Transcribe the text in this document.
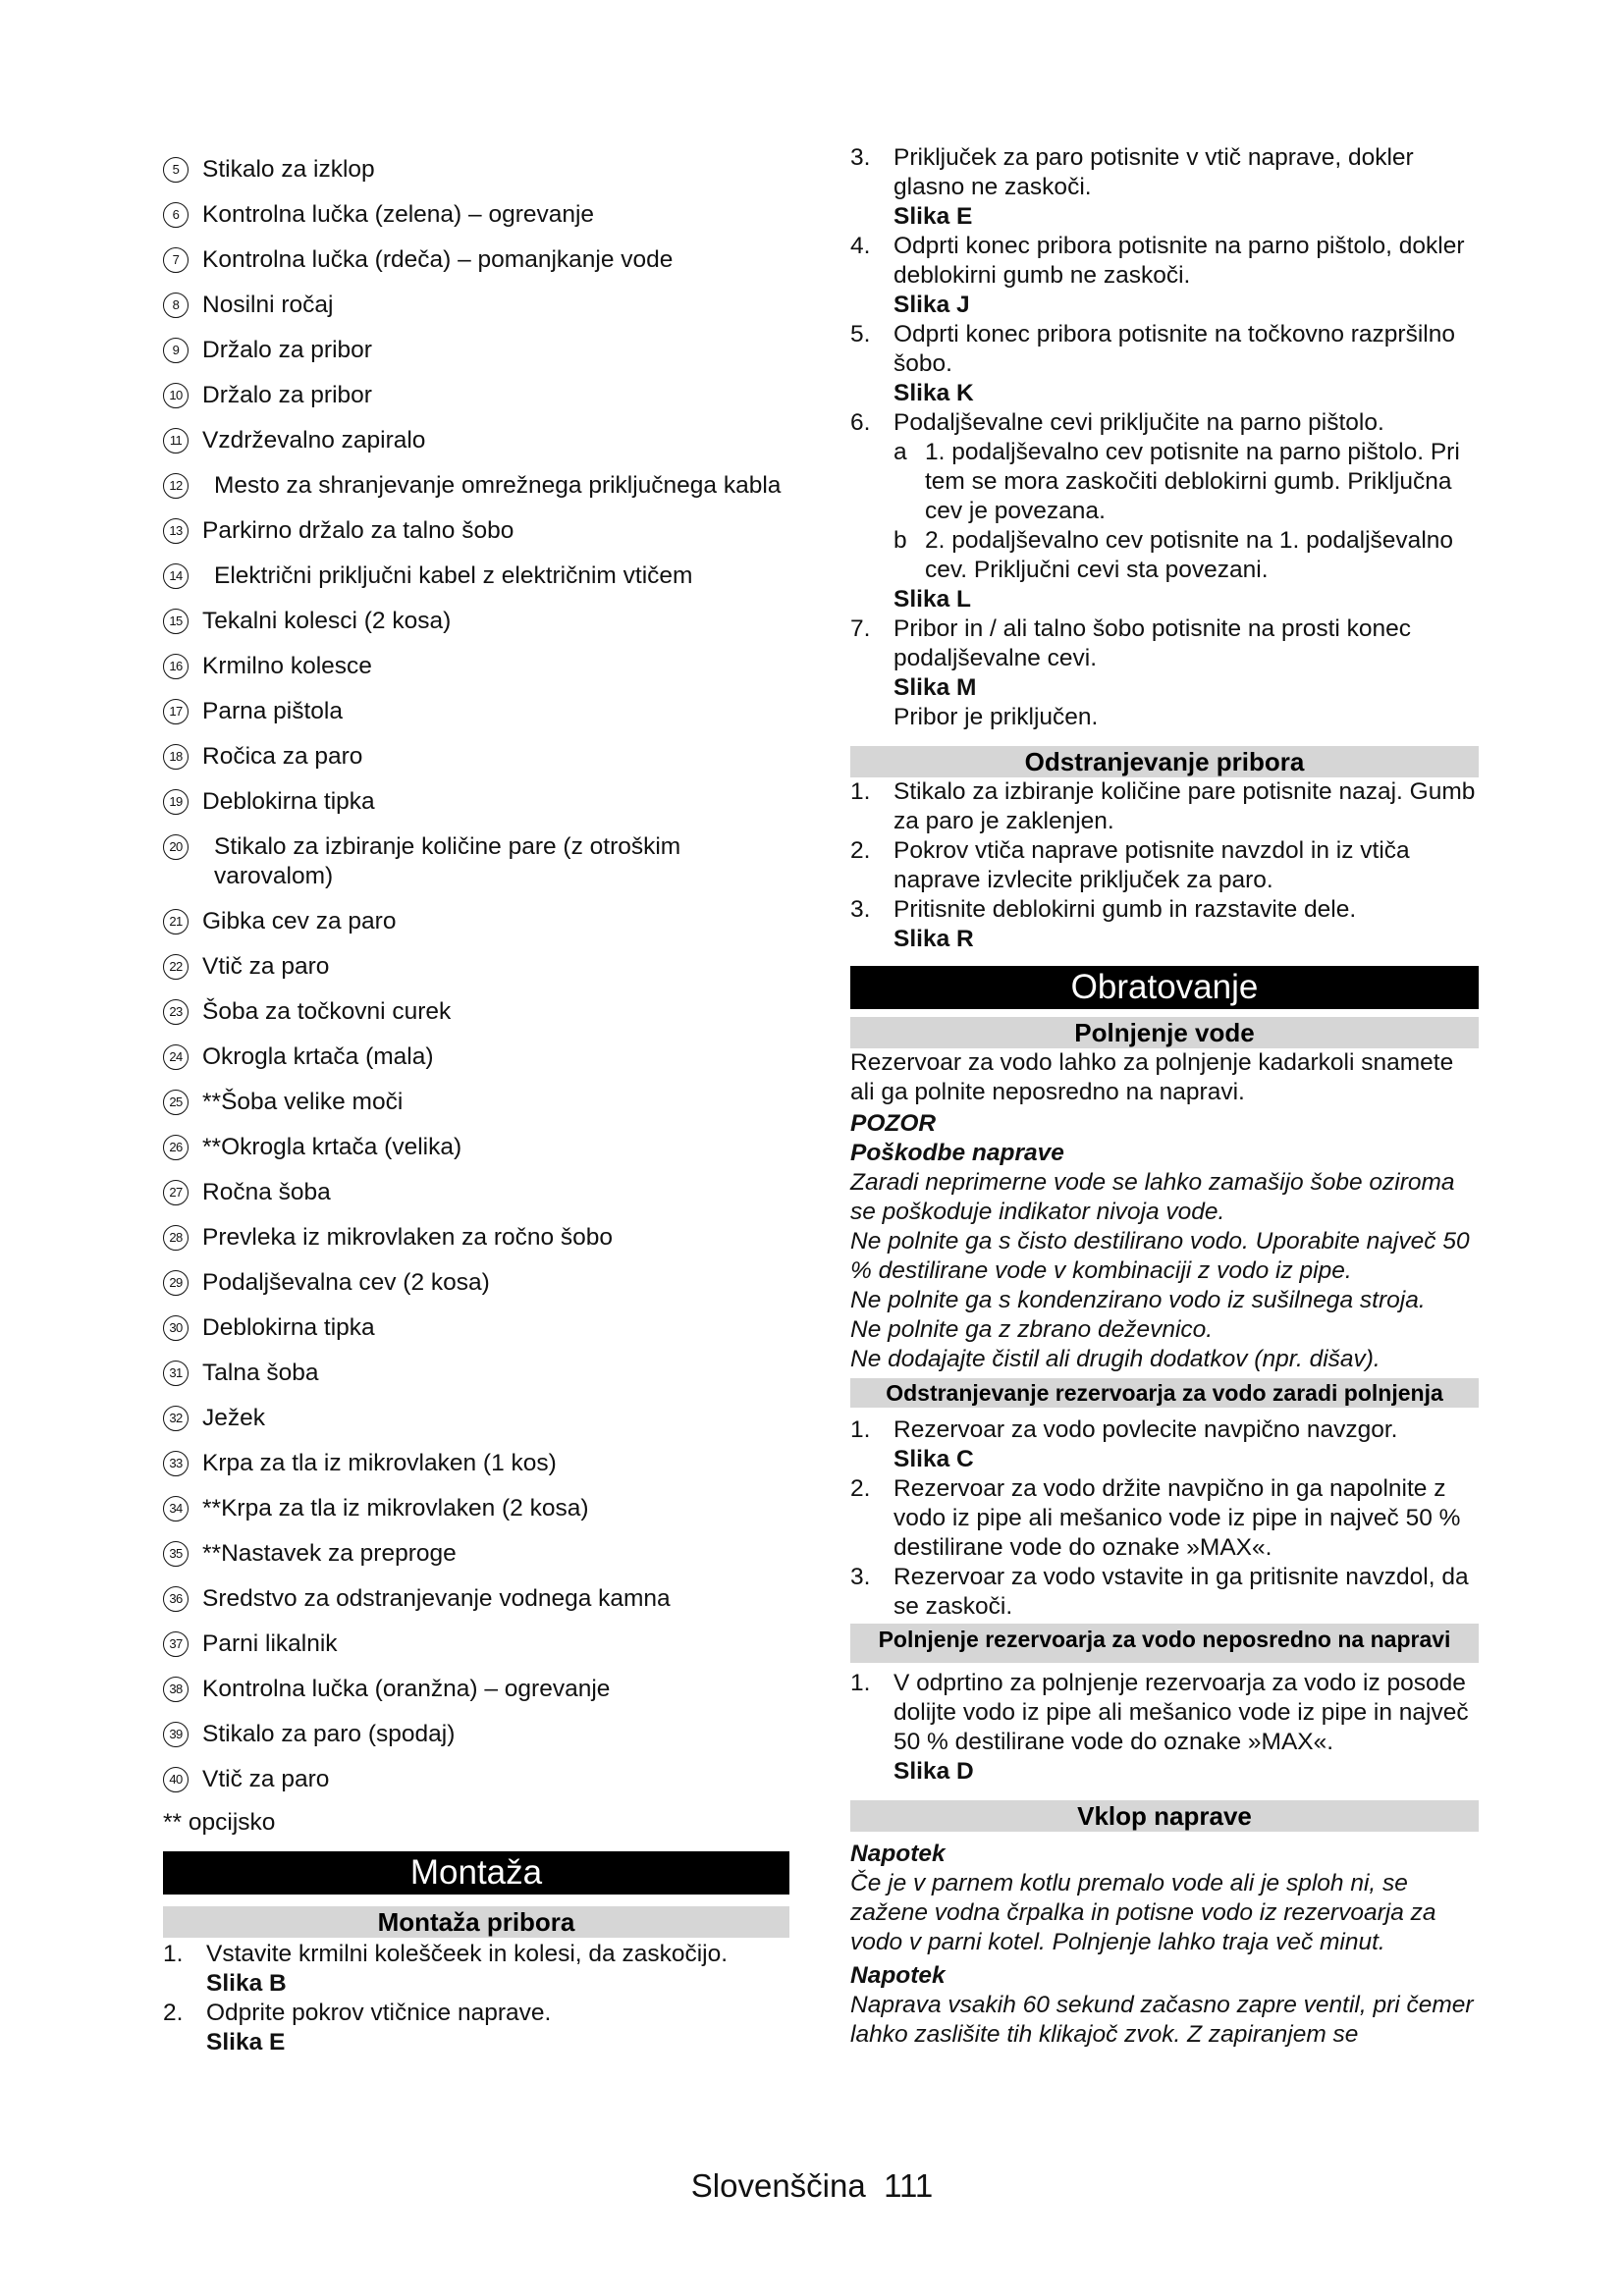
5 Stikalo za izklop
6 Kontrolna lučka (zelena) – ogrevanje
7 Kontrolna lučka (rdeča) – pomanjkanje vode
8 Nosilni ročaj
9 Držalo za pribor
10 Držalo za pribor
11 Vzdrževalno zapiralo
12 Mesto za shranjevanje omrežnega priključnega kabla
13 Parkirno držalo za talno šobo
14 Električni priključni kabel z električnim vtičem
15 Tekalni kolesci (2 kosa)
16 Krmilno kolesce
17 Parna pištola
18 Ročica za paro
19 Deblokirna tipka
20 Stikalo za izbiranje količine pare (z otroškim varovalom)
21 Gibka cev za paro
22 Vtič za paro
23 Šoba za točkovni curek
24 Okrogla krtača (mala)
25 **Šoba velike moči
26 **Okrogla krtača (velika)
27 Ročna šoba
28 Prevleka iz mikrovlaken za ročno šobo
29 Podaljševalna cev (2 kosa)
30 Deblokirna tipka
31 Talna šoba
32 Ježek
33 Krpa za tla iz mikrovlaken (1 kos)
34 **Krpa za tla iz mikrovlaken (2 kosa)
35 **Nastavek za preproge
36 Sredstvo za odstranjevanje vodnega kamna
37 Parni likalnik
38 Kontrolna lučka (oranžna) – ogrevanje
39 Stikalo za paro (spodaj)
40 Vtič za paro
** opcijsko
Montaža
Montaža pribora
1. Vstavite krmilni koleščeek in kolesi, da zaskočijo.
Slika B
2. Odprite pokrov vtičnice naprave.
Slika E
3. Priključek za paro potisnite v vtič naprave, dokler glasno ne zaskoči.
Slika E
4. Odprti konec pribora potisnite na parno pištolo, dokler deblokirni gumb ne zaskoči.
Slika J
5. Odprti konec pribora potisnite na točkovno razpršilno šobo.
Slika K
6. Podaljševalne cevi priključite na parno pištolo.
a 1. podaljševalno cev potisnite na parno pištolo. Pri tem se mora zaskočiti deblokirni gumb. Priključna cev je povezana.
b 2. podaljševalno cev potisnite na 1. podaljševalno cev. Priključni cevi sta povezani.
Slika L
7. Pribor in / ali talno šobo potisnite na prosti konec podaljševalne cevi.
Slika M
Pribor je priključen.
Odstranjevanje pribora
1. Stikalo za izbiranje količine pare potisnite nazaj. Gumb za paro je zaklenjen.
2. Pokrov vtiča naprave potisnite navzdol in iz vtiča naprave izvlecite priključek za paro.
3. Pritisnite deblokirni gumb in razstavite dele.
Slika R
Obratovanje
Polnjenje vode
Rezervoar za vodo lahko za polnjenje kadarkoli snamete ali ga polnite neposredno na napravi.
POZOR
Poškodbe naprave
Zaradi neprimerne vode se lahko zamašijo šobe oziroma se poškoduje indikator nivoja vode.
Ne polnite ga s čisto destilirano vodo. Uporabite največ 50 % destilirane vode v kombinaciji z vodo iz pipe.
Ne polnite ga s kondenzirano vodo iz sušilnega stroja.
Ne polnite ga z zbrano deževnico.
Ne dodajajte čistil ali drugih dodatkov (npr. dišav).
Odstranjevanje rezervoarja za vodo zaradi polnjenja
1. Rezervoar za vodo povlecite navpično navzgor.
Slika C
2. Rezervoar za vodo držite navpično in ga napolnite z vodo iz pipe ali mešanico vode iz pipe in največ 50 % destilirane vode do oznake »MAX«.
3. Rezervoar za vodo vstavite in ga pritisnite navzdol, da se zaskoči.
Polnjenje rezervoarja za vodo neposredno na napravi
1. V odprtino za polnjenje rezervoarja za vodo iz posode dolijte vodo iz pipe ali mešanico vode iz pipe in največ 50 % destilirane vode do oznake »MAX«.
Slika D
Vklop naprave
Napotek
Če je v parnem kotlu premalo vode ali je sploh ni, se zažene vodna črpalka in potisne vodo iz rezervoarja za vodo v parni kotel. Polnjenje lahko traja več minut.
Napotek
Naprava vsakih 60 sekund začasno zapre ventil, pri čemer lahko zaslišite tih klikajoč zvok. Z zapiranjem se
Slovenščina 111
